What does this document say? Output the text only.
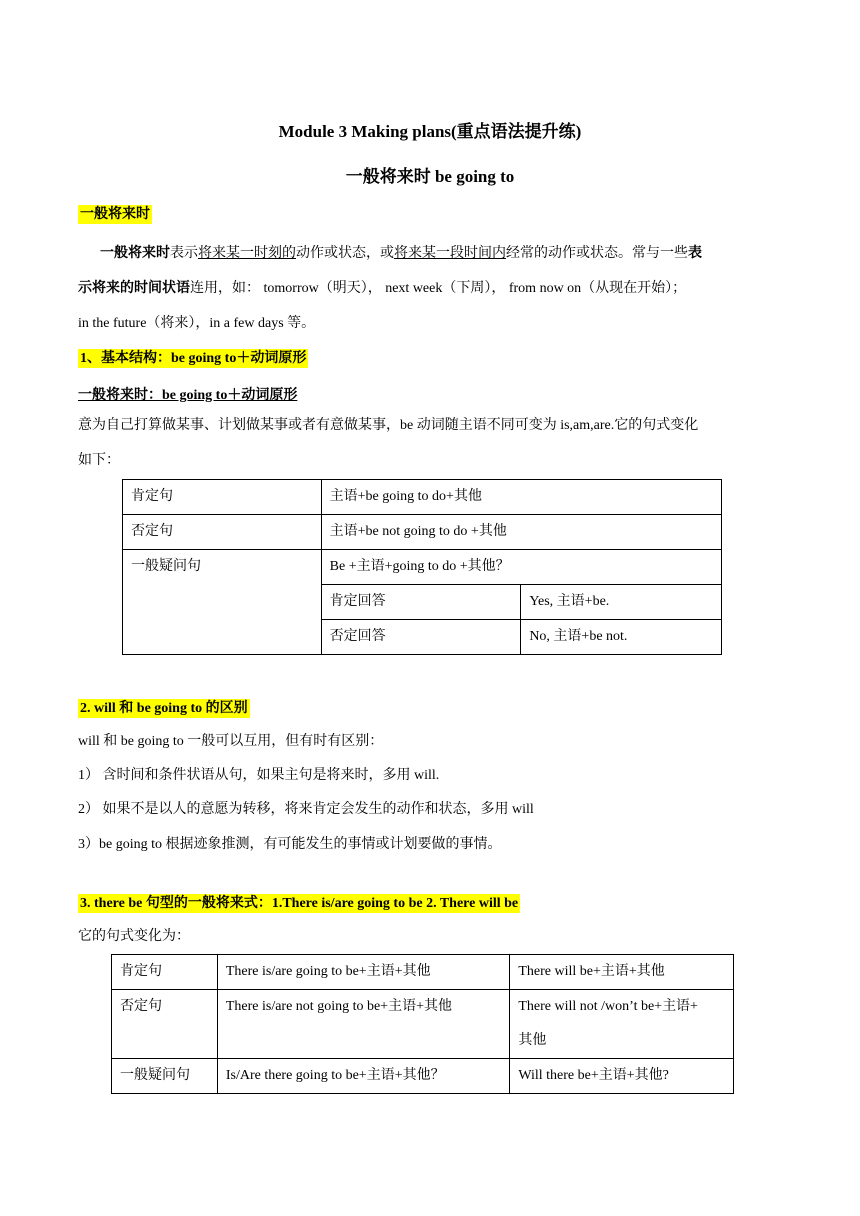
Module 3 Making plans(重点语法提升练)
一般将来时 be going to
一般将来时
一般将来时表示将来某一时刻的动作或状态，或将来某一段时间内经常的动作或状态。常与一些表
示将来的时间状语连用，如： tomorrow（明天）， next week（下周）， from now on（从现在开始）；
in the future（将来），in a few days 等。
1、基本结构：be going to＋动词原形
一般将来时：be going to＋动词原形
意为自己打算做某事、计划做某事或者有意做某事，be 动词随主语不同可变为 is,am,are.它的句式变化
如下：
肯定句	主语+be going to do+其他	
否定句	主语+be not going to do +其他	
一般疑问句	Be +主语+going to do +其他？	
	肯定回答	Yes, 主语+be.
	否定回答	No, 主语+be not.
2. will 和 be going to 的区别
will 和 be going to 一般可以互用，但有时有区别：
1） 含时间和条件状语从句，如果主句是将来时，多用 will.
2） 如果不是以人的意愿为转移，将来肯定会发生的动作和状态，多用 will
3）be going to 根据迹象推测，有可能发生的事情或计划要做的事情。
3. there be 句型的一般将来式：1.There is/are going to be 2. There will be
它的句式变化为：
肯定句	There is/are going to be+主语+其他	There will be+主语+其他
否定句	There is/are not going to be+主语+其他	There will not /won’t be+主语+
其他

一般疑问句	Is/Are there going to be+主语+其他？	Will there be+主语+其他?
